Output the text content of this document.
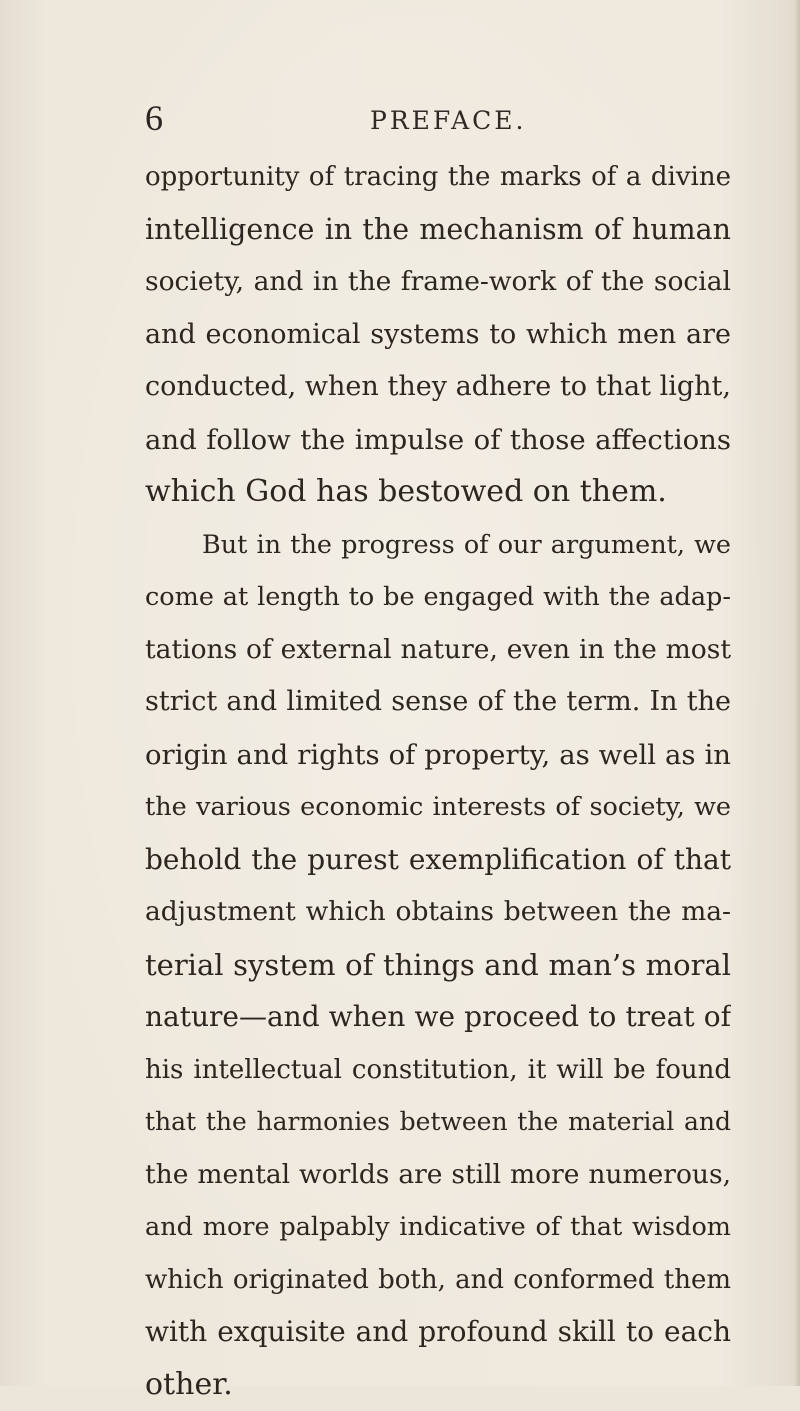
6	PREFACE.
opportunity of tracing the marks of a divine
intelligence in the mechanism of human
society, and in the frame-work of the social
and economical systems to which men are
conducted, when they adhere to that light,
and follow the impulse of those affections
which God has bestowed on them.
But in the progress of our argument, we
come at length to be engaged with the adap-
tations of external nature, even in the most
strict and limited sense of the term. In the
origin and rights of property, as well as in
the various economic interests of society, we
behold the purest exemplification of that
adjustment which obtains between the ma-
terial system of things and man’s moral
nature—and when we proceed to treat of
his intellectual constitution, it will be found
that the harmonies between the material and
the mental worlds are still more numerous,
and more palpably indicative of that wisdom
which originated both, and conformed them
with exquisite and profound skill to each
other.
